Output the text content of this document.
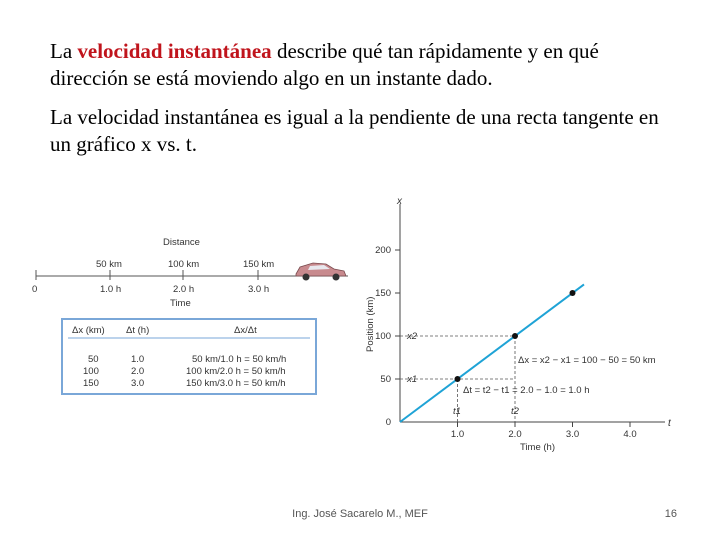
La velocidad instantánea describe qué tan rápidamente y en qué dirección se está moviendo algo en un instante dado.
La velocidad instantánea es igual a la pendiente de una recta tangente en un gráfico x vs. t.
Distance
50 km	100 km	150 km
0	1.0 h	2.0 h	3.0 h
Time
Δx (km) Δt (h)	Δx/Δt
50	1.0	50 km/1.0 h = 50 km/h
100	2.0	100 km/2.0 h = 50 km/h
150	3.0	150 km/3.0 h = 50 km/h
x
t
Time (h)
Position (km)
0
50
100
150
200
1.0	2.0	3.0	4.0
x1
x2
t1	t2
Δx = x2 − x1 = 100 − 50 = 50 km
Δt = t2 − t1 = 2.0 − 1.0 = 1.0 h
Ing. José Sacarelo M., MEF	16
